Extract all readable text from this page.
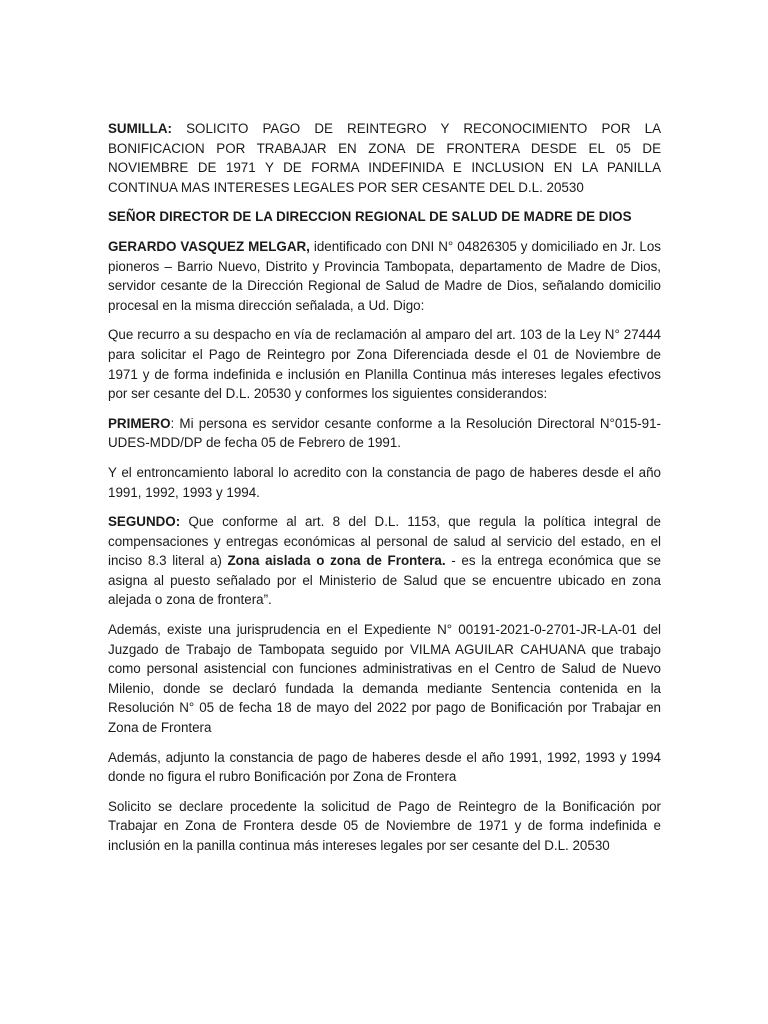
SUMILLA: SOLICITO PAGO DE REINTEGRO Y RECONOCIMIENTO POR LA BONIFICACION POR TRABAJAR EN ZONA DE FRONTERA DESDE EL 05 DE NOVIEMBRE DE 1971 Y DE FORMA INDEFINIDA E INCLUSION EN LA PANILLA CONTINUA MAS INTERESES LEGALES POR SER CESANTE DEL D.L. 20530

SEÑOR DIRECTOR DE LA DIRECCION REGIONAL DE SALUD DE MADRE DE DIOS

GERARDO VASQUEZ MELGAR, identificado con DNI N° 04826305 y domiciliado en Jr. Los pioneros – Barrio Nuevo, Distrito y Provincia Tambopata, departamento de Madre de Dios, servidor cesante de la Dirección Regional de Salud de Madre de Dios, señalando domicilio procesal en la misma dirección señalada, a Ud. Digo:

Que recurro a su despacho en vía de reclamación al amparo del art. 103 de la Ley N° 27444 para solicitar el Pago de Reintegro por Zona Diferenciada desde el 01 de Noviembre de 1971 y de forma indefinida e inclusión en Planilla Continua más intereses legales efectivos por ser cesante del D.L. 20530 y conformes los siguientes considerandos:

PRIMERO: Mi persona es servidor cesante conforme a la Resolución Directoral N°015-91-UDES-MDD/DP de fecha 05 de Febrero de 1991.

Y el entroncamiento laboral lo acredito con la constancia de pago de haberes desde el año 1991, 1992, 1993 y 1994.

SEGUNDO: Que conforme al art. 8 del D.L. 1153, que regula la política integral de compensaciones y entregas económicas al personal de salud al servicio del estado, en el inciso 8.3 literal a) Zona aislada o zona de Frontera. - es la entrega económica que se asigna al puesto señalado por el Ministerio de Salud que se encuentre ubicado en zona alejada o zona de frontera”.

Además, existe una jurisprudencia en el Expediente N° 00191-2021-0-2701-JR-LA-01 del Juzgado de Trabajo de Tambopata seguido por VILMA AGUILAR CAHUANA que trabajo como personal asistencial con funciones administrativas en el Centro de Salud de Nuevo Milenio, donde se declaró fundada la demanda mediante Sentencia contenida en la Resolución N° 05 de fecha 18 de mayo del 2022 por pago de Bonificación por Trabajar en Zona de Frontera

Además, adjunto la constancia de pago de haberes desde el año 1991, 1992, 1993 y 1994 donde no figura el rubro Bonificación por Zona de Frontera

Solicito se declare procedente la solicitud de Pago de Reintegro de la Bonificación por Trabajar en Zona de Frontera desde 05 de Noviembre de 1971 y de forma indefinida e inclusión en la panilla continua más intereses legales por ser cesante del D.L. 20530
